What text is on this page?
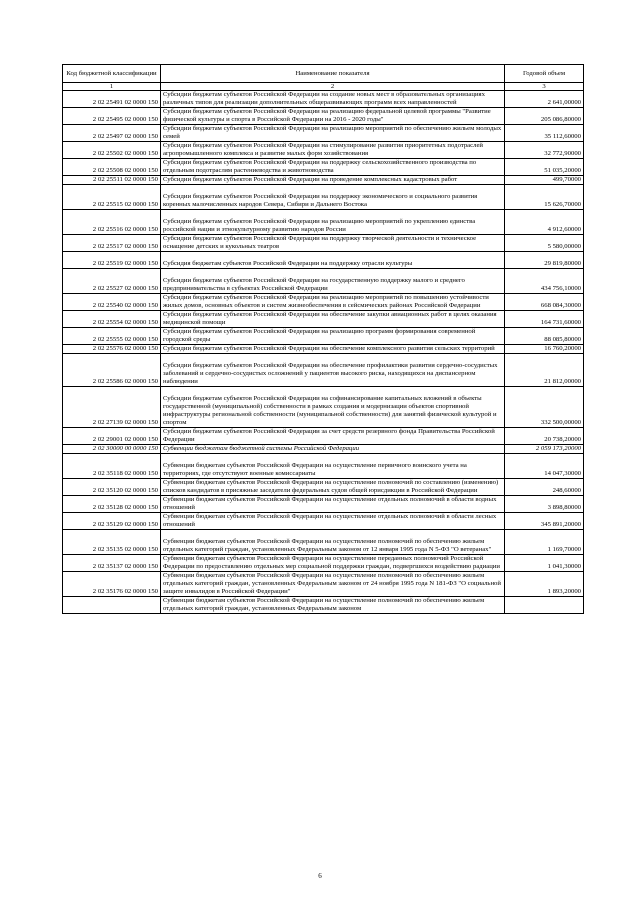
Код бюджетной классификации	Наименование показателя	Годовой объем
1	2	3
2 02 25491 02 0000 150	Субсидии бюджетам субъектов Российской Федерации на создание новых мест в образовательных организациях различных типов для реализации дополнительных общеразвивающих программ всех направленностей	2 641,00000
2 02 25495 02 0000 150	Субсидии бюджетам субъектов Российской Федерации на реализацию федеральной целевой программы "Развитие физической культуры и спорта в Российской Федерации на 2016 - 2020 годы"	205 086,80000
2 02 25497 02 0000 150	Субсидии бюджетам субъектов Российской Федерации на реализацию мероприятий по обеспечению жильем молодых семей	35 112,60000
2 02 25502 02 0000 150	Субсидии бюджетам субъектов Российской Федерации на стимулирование развития приоритетных подотраслей агропромышленного комплекса и развитие малых форм хозяйствования	32 772,90000
2 02 25508 02 0000 150	Субсидии бюджетам субъектов Российской Федерации на поддержку сельскохозяйственного производства по отдельным подотраслям растениеводства и животноводства	51 035,20000
2 02 25511 02 0000 150	Субсидии бюджетам субъектов Российской Федерации на проведение комплексных кадастровых работ	499,70000
2 02 25515 02 0000 150	Субсидии бюджетам субъектов Российской Федерации на поддержку экономического и социального развития коренных малочисленных народов Севера, Сибири и Дальнего Востока	15 626,70000
2 02 25516 02 0000 150	Субсидии бюджетам субъектов Российской Федерации на реализацию мероприятий по укреплению единства российской нации и этнокультурному развитию народов России	4 912,60000
2 02 25517 02 0000 150	Субсидии бюджетам субъектов Российской Федерации на поддержку творческой деятельности и техническое оснащение детских и кукольных театров	5 580,00000
2 02 25519 02 0000 150	Субсидия бюджетам субъектов Российской Федерации на поддержку отрасли культуры	29 819,80000
2 02 25527 02 0000 150	Субсидии бюджетам субъектов Российской Федерации на государственную поддержку малого и среднего предпринимательства в субъектах Российской Федерации	434 756,10000
2 02 25540 02 0000 150	Субсидии бюджетам субъектов Российской Федерации на реализацию мероприятий по повышению устойчивости жилых домов, основных объектов и систем жизнеобеспечения в сейсмических районах Российской Федерации	668 084,30000
2 02 25554 02 0000 150	Субсидии бюджетам субъектов Российской Федерации на обеспечение закупки авиационных работ в целях оказания медицинской помощи	164 731,60000
2 02 25555 02 0000 150	Субсидии бюджетам субъектов Российской Федерации на реализацию программ формирования современной городской среды	88 085,80000
2 02 25576 02 0000 150	Субсидии бюджетам субъектов Российской Федерации на обеспечение комплексного развития сельских территорий	16 760,20000
2 02 25586 02 0000 150	Субсидии бюджетам субъектов Российской Федерации на обеспечение профилактики развития сердечно-сосудистых заболеваний и сердечно-сосудистых осложнений у пациентов высокого риска, находящихся на диспансерном наблюдении	21 812,00000
2 02 27139 02 0000 150	Субсидии бюджетам субъектов Российской Федерации на софинансирование капитальных вложений в объекты государственной (муниципальной) собственности в рамках создания и модернизации объектов спортивной инфраструктуры региональной собственности (муниципальной собственности) для занятий физической культурой и спортом	332 500,00000
2 02 29001 02 0000 150	Субсидии бюджетам субъектов Российской Федерации за счет средств резервного фонда Правительства Российской Федерации	20 738,20000
2 02 30000 00 0000 150	Субвенции бюджетам бюджетной системы Российской Федерации	2 059 173,20000
2 02 35118 02 0000 150	Субвенции бюджетам субъектов Российской Федерации на осуществление первичного воинского учета на территориях, где отсутствуют военные комиссариаты	14 047,30000
2 02 35120 02 0000 150	Субвенции бюджетам субъектов Российской Федерации на осуществление полномочий по составлению (изменению) списков кандидатов в присяжные заседатели федеральных судов общей юрисдикции в Российской Федерации	248,60000
2 02 35128 02 0000 150	Субвенции бюджетам субъектов Российской Федерации на осуществление отдельных полномочий в области водных отношений	3 898,80000
2 02 35129 02 0000 150	Субвенции бюджетам субъектов Российской Федерации на осуществление отдельных полномочий в области лесных отношений	345 891,20000
2 02 35135 02 0000 150	Субвенции бюджетам субъектов Российской Федерации на осуществление полномочий по обеспечению жильем отдельных категорий граждан, установленных Федеральным законом от 12 января 1995 года N 5-ФЗ "О ветеранах"	1 169,70000
2 02 35137 02 0000 150	Субвенции бюджетам субъектов Российской Федерации на осуществление переданных полномочий Российской Федерации по предоставлению отдельных мер социальной поддержки граждан, подвергшихся воздействию радиации	1 041,30000
2 02 35176 02 0000 150	Субвенции бюджетам субъектов Российской Федерации на осуществление полномочий по обеспечению жильем отдельных категорий граждан, установленных Федеральным законом от 24 ноября 1995 года N 181-ФЗ "О социальной защите инвалидов в Российской Федерации"	1 893,20000
	Субвенции бюджетам субъектов Российской Федерации на осуществление полномочий по обеспечению жильем отдельных категорий граждан, установленных Федеральным законом	
6
